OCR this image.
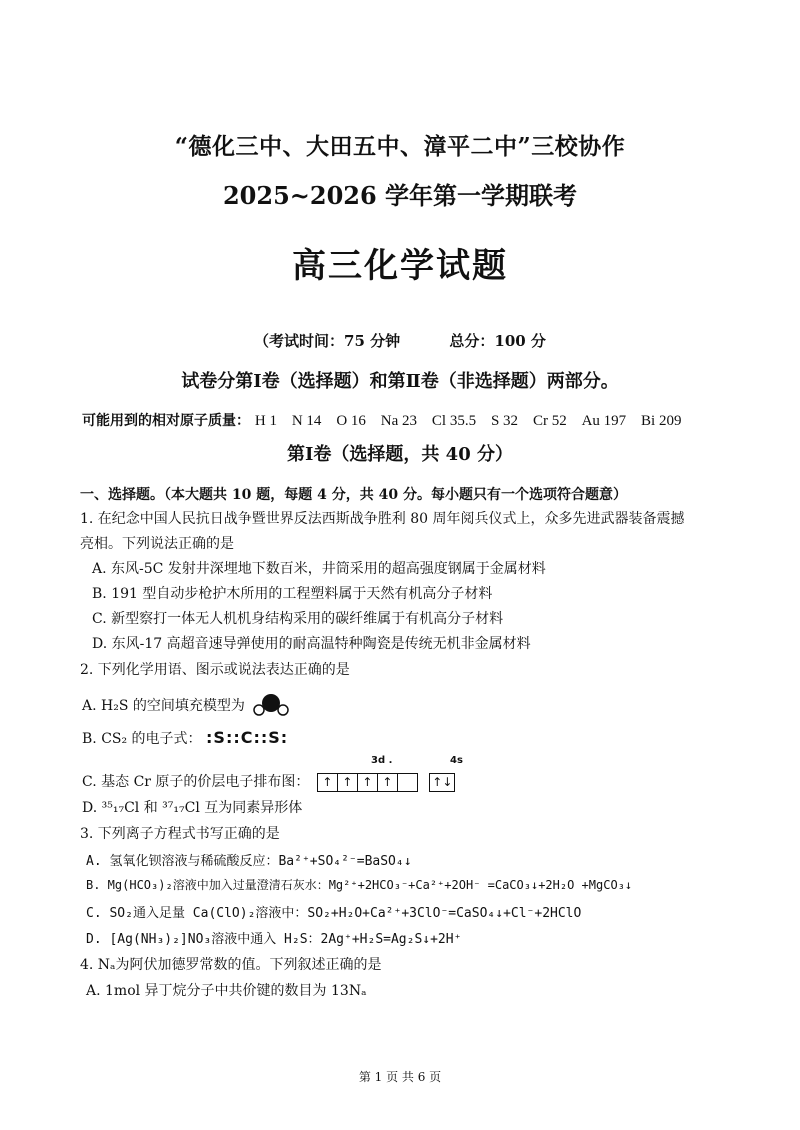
“德化三中、大田五中、漳平二中”三校协作
2025~2026 学年第一学期联考
高三化学试题
（考试时间：75 分钟	总分：100 分
试卷分第Ⅰ卷（选择题）和第Ⅱ卷（非选择题）两部分。
可能用到的相对原子质量： H 1 N 14 O 16 Na 23 Cl 35.5 S 32 Cr 52 Au 197 Bi 209
第Ⅰ卷（选择题，共 40 分）
一、选择题。（本大题共 10 题，每题 4 分，共 40 分。每小题只有一个选项符合题意）
1. 在纪念中国人民抗日战争暨世界反法西斯战争胜利 80 周年阅兵仪式上，众多先进武器装备震撼
亮相。下列说法正确的是
A. 东风-5C 发射井深埋地下数百米，井筒采用的超高强度钢属于金属材料
B. 191 型自动步枪护木所用的工程塑料属于天然有机高分子材料
C. 新型察打一体无人机机身结构采用的碳纤维属于有机高分子材料
D. 东风-17 高超音速导弹使用的耐高温特种陶瓷是传统无机非金属材料
2. 下列化学用语、图示或说法表达正确的是
A. H₂S 的空间填充模型为
B. CS₂ 的电子式： :S::C::S:
3d .	4s
C. 基态 Cr 原子的价层电子排布图：	↑ ↑ ↑ ↑
	↑↓
D. ³⁵₁₇Cl 和 ³⁷₁₇Cl 互为同素异形体
3. 下列离子方程式书写正确的是
A. 氢氧化钡溶液与稀硫酸反应：Ba²⁺+SO₄²⁻=BaSO₄↓
B. Mg(HCO₃)₂溶液中加入过量澄清石灰水：Mg²⁺+2HCO₃⁻+Ca²⁺+2OH⁻ =CaCO₃↓+2H₂O +MgCO₃↓
C. SO₂通入足量 Ca(ClO)₂溶液中：SO₂+H₂O+Ca²⁺+3ClO⁻=CaSO₄↓+Cl⁻+2HClO
D. [Ag(NH₃)₂]NO₃溶液中通入 H₂S：2Ag⁺+H₂S=Ag₂S↓+2H⁺
4. Nₐ为阿伏加德罗常数的值。下列叙述正确的是
A. 1mol 异丁烷分子中共价键的数目为 13Nₐ
第 1 页 共 6 页
